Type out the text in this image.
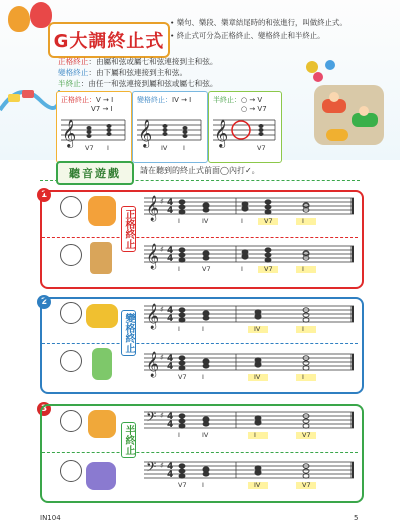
G大調終止式
• 樂句、樂段、樂章結尾時的和弦進行，叫做終止式。
• 終止式可分為正格終止、變格終止和半終止。
正格終止：由屬和弦或屬七和弦連接到主和弦。
變格終止：由下屬和弦連接到主和弦。
半終止：由任一和弦連接到屬和弦或屬七和弦。
正格終止：V → I
V7 → I
𝄞
V7 I
變格終止：IV → I
𝄞
IV I
半終止：○ → V
○ → V7
𝄞
V7
聽音遊戲	請在聽到的終止式前面◯內打✓。
1
正格終止
2
變格終止
3
半終止
𝄞 ♯ 4
4
𝄞 ♯ 4
4
𝄞 ♯ 4
4
𝄞 ♯ 4
4
𝄢 ♯ 4
4
𝄢 ♯ 4
4
I	IV	I	V7	I
I	V7	I	V7	I
I	I	IV	I
V7 I	IV	I
I	IV	I	V7
V7 I	IV	V7
IN104	5
